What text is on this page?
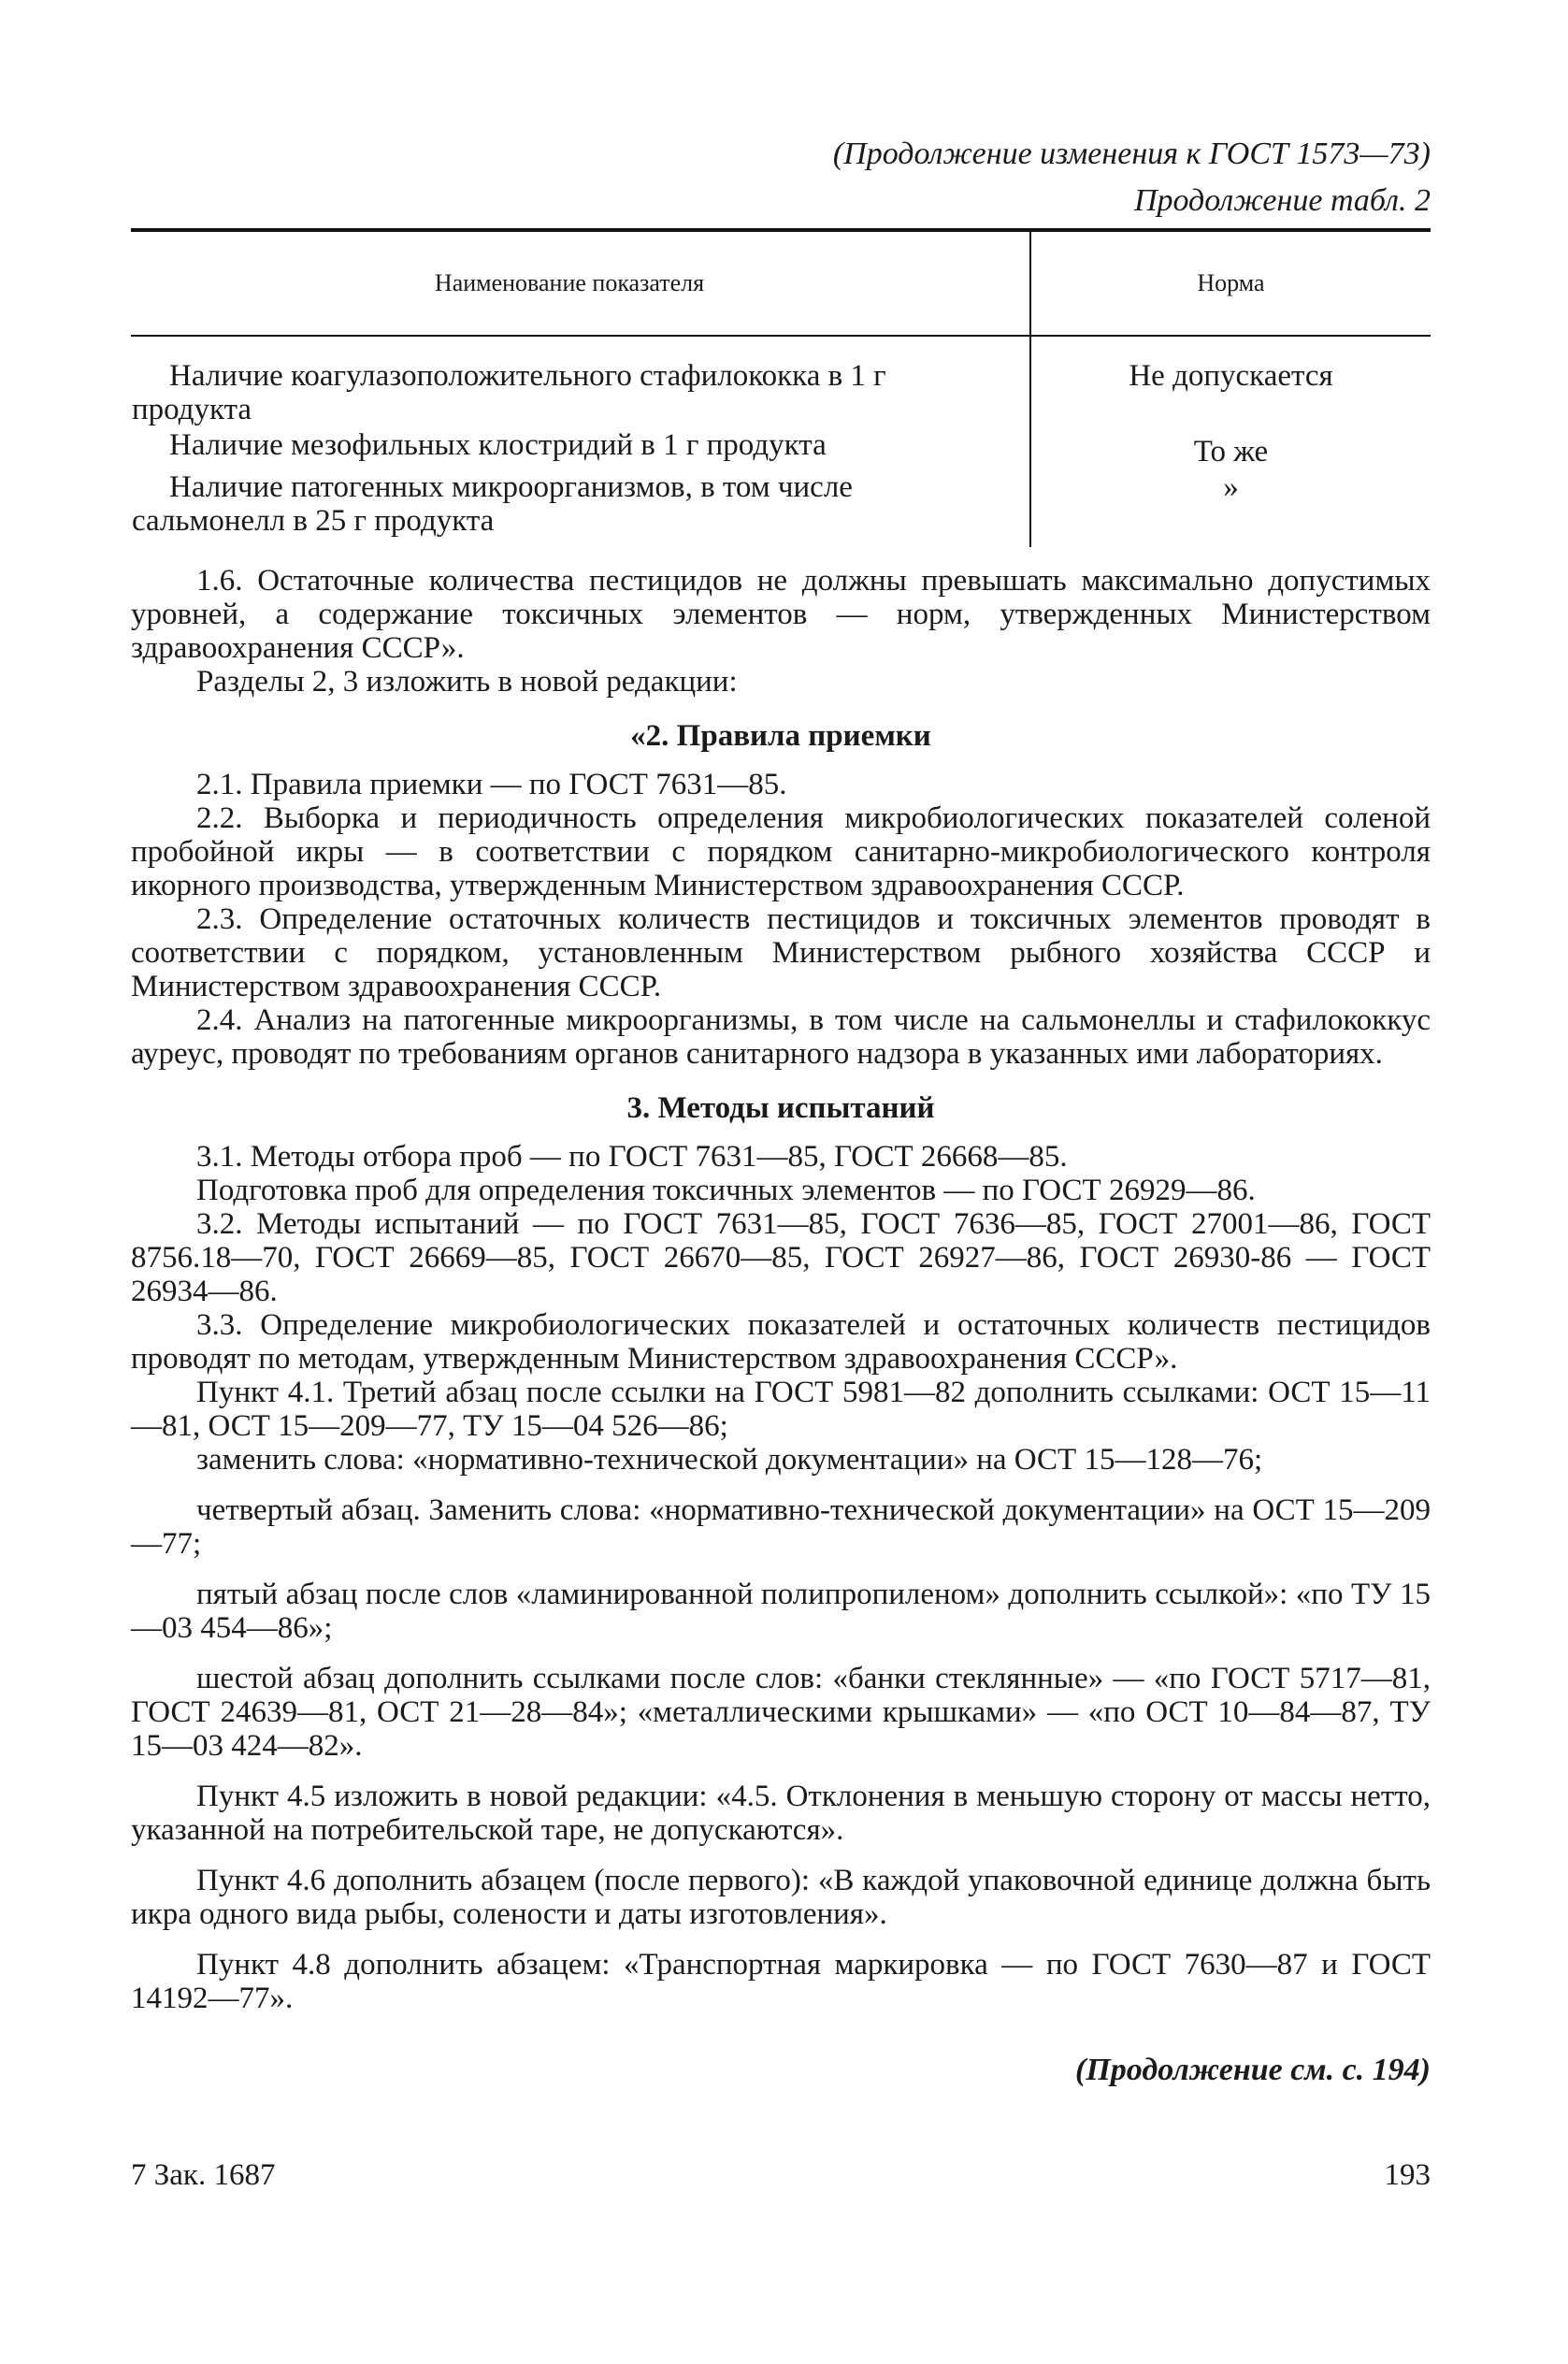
(Продолжение изменения к ГОСТ 1573—73)
Продолжение табл. 2
Наименование показателя	Норма
Наличие коагулазоположительного стафилококка в 1 г продукта	Не допускается
Наличие мезофильных клостридий в 1 г продукта	То же
Наличие патогенных микроорганизмов, в том числе сальмонелл в 25 г продукта	»

1.6. Остаточные количества пестицидов не должны превышать максимально допустимых уровней, а содержание токсичных элементов — норм, утвержденных Министерством здравоохранения СССР».

Разделы 2, 3 изложить в новой редакции:

«2. Правила приемки

2.1. Правила приемки — по ГОСТ 7631—85.

2.2. Выборка и периодичность определения микробиологических показателей соленой пробойной икры — в соответствии с порядком санитарно-микробиологического контроля икорного производства, утвержденным Министерством здравоохранения СССР.

2.3. Определение остаточных количеств пестицидов и токсичных элементов проводят в соответствии с порядком, установленным Министерством рыбного хозяйства СССР и Министерством здравоохранения СССР.

2.4. Анализ на патогенные микроорганизмы, в том числе на сальмонеллы и стафилококкус ауреус, проводят по требованиям органов санитарного надзора в указанных ими лабораториях.

3. Методы испытаний

3.1. Методы отбора проб — по ГОСТ 7631—85, ГОСТ 26668—85.

Подготовка проб для определения токсичных элементов — по ГОСТ 26929—86.

3.2. Методы испытаний — по ГОСТ 7631—85, ГОСТ 7636—85, ГОСТ 27001—86, ГОСТ 8756.18—70, ГОСТ 26669—85, ГОСТ 26670—85, ГОСТ 26927—86, ГОСТ 26930-86 — ГОСТ 26934—86.

3.3. Определение микробиологических показателей и остаточных количеств пестицидов проводят по методам, утвержденным Министерством здравоохранения СССР».

Пункт 4.1. Третий абзац после ссылки на ГОСТ 5981—82 дополнить ссылками: ОСТ 15—11—81, ОСТ 15—209—77, ТУ 15—04 526—86;

заменить слова: «нормативно-технической документации» на ОСТ 15—128—76;

четвертый абзац. Заменить слова: «нормативно-технической документации» на ОСТ 15—209—77;

пятый абзац после слов «ламинированной полипропиленом» дополнить ссылкой»: «по ТУ 15—03 454—86»;

шестой абзац дополнить ссылками после слов: «банки стеклянные» — «по ГОСТ 5717—81, ГОСТ 24639—81, ОСТ 21—28—84»; «металлическими крышками» — «по ОСТ 10—84—87, ТУ 15—03 424—82».

Пункт 4.5 изложить в новой редакции: «4.5. Отклонения в меньшую сторону от массы нетто, указанной на потребительской таре, не допускаются».

Пункт 4.6 дополнить абзацем (после первого): «В каждой упаковочной единице должна быть икра одного вида рыбы, солености и даты изготовления».

Пункт 4.8 дополнить абзацем: «Транспортная маркировка — по ГОСТ 7630—87 и ГОСТ 14192—77».

(Продолжение см. с. 194)
7 Зак. 1687	193
